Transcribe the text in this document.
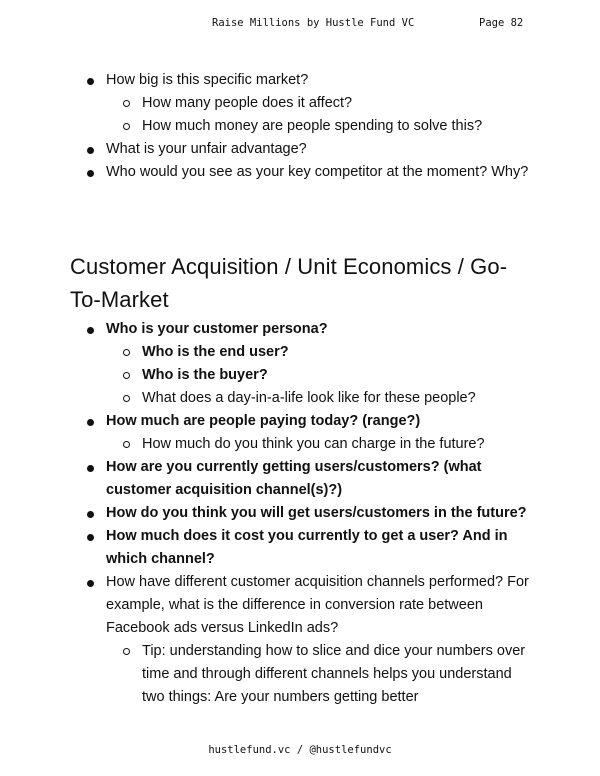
Raise Millions by Hustle Fund VC	Page 82
How big is this specific market?
How many people does it affect?
How much money are people spending to solve this?
What is your unfair advantage?
Who would you see as your key competitor at the moment? Why?
Customer Acquisition / Unit Economics / Go-To-Market
Who is your customer persona?
Who is the end user?
Who is the buyer?
What does a day-in-a-life look like for these people?
How much are people paying today? (range?)
How much do you think you can charge in the future?
How are you currently getting users/customers? (what customer acquisition channel(s)?)
How do you think you will get users/customers in the future?
How much does it cost you currently to get a user? And in which channel?
How have different customer acquisition channels performed? For example, what is the difference in conversion rate between Facebook ads versus LinkedIn ads?
Tip: understanding how to slice and dice your numbers over time and through different channels helps you understand two things: Are your numbers getting better
hustlefund.vc / @hustlefundvc
